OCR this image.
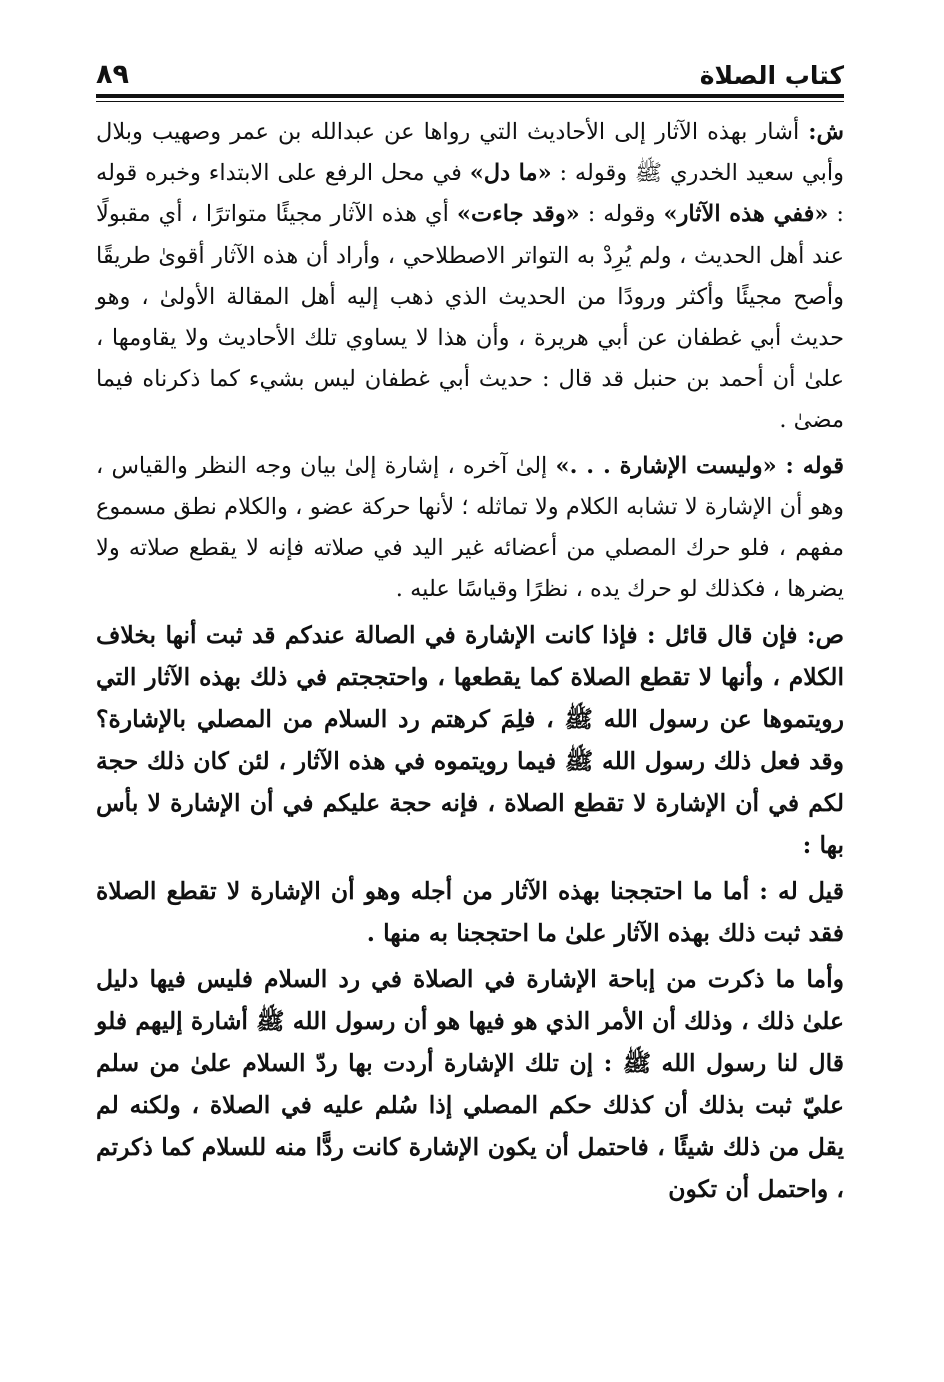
كتاب الصلاة
٨٩

ش: أشار بهذه الآثار إلى الأحاديث التي رواها عن عبدالله بن عمر وصهيب وبلال وأبي سعيد الخدري ﷺ وقوله : «ما دل» في محل الرفع على الابتداء وخبره قوله : «ففي هذه الآثار» وقوله : «وقد جاءت» أي هذه الآثار مجيئًا متواترًا ، أي مقبولًا عند أهل الحديث ، ولم يُرِدْ به التواتر الاصطلاحي ، وأراد أن هذه الآثار أقوىٰ طريقًا وأصح مجيئًا وأكثر ورودًا من الحديث الذي ذهب إليه أهل المقالة الأولىٰ ، وهو حديث أبي غطفان عن أبي هريرة ، وأن هذا لا يساوي تلك الأحاديث ولا يقاومها ، علىٰ أن أحمد بن حنبل قد قال : حديث أبي غطفان ليس بشيء كما ذكرناه فيما مضىٰ .

قوله : «وليست الإشارة . . .» إلىٰ آخره ، إشارة إلىٰ بيان وجه النظر والقياس ، وهو أن الإشارة لا تشابه الكلام ولا تماثله ؛ لأنها حركة عضو ، والكلام نطق مسموع مفهم ، فلو حرك المصلي من أعضائه غير اليد في صلاته فإنه لا يقطع صلاته ولا يضرها ، فكذلك لو حرك يده ، نظرًا وقياسًا عليه .

ص: فإن قال قائل : فإذا كانت الإشارة في الصالة عندكم قد ثبت أنها بخلاف الكلام ، وأنها لا تقطع الصلاة كما يقطعها ، واحتججتم في ذلك بهذه الآثار التي رويتموها عن رسول الله ﷺ ، فلِمَ كرهتم رد السلام من المصلي بالإشارة؟ وقد فعل ذلك رسول الله ﷺ فيما رويتموه في هذه الآثار ، لئن كان ذلك حجة لكم في أن الإشارة لا تقطع الصلاة ، فإنه حجة عليكم في أن الإشارة لا بأس بها :

قيل له : أما ما احتججنا بهذه الآثار من أجله وهو أن الإشارة لا تقطع الصلاة فقد ثبت ذلك بهذه الآثار علىٰ ما احتججنا به منها .

وأما ما ذكرت من إباحة الإشارة في الصلاة في رد السلام فليس فيها دليل علىٰ ذلك ، وذلك أن الأمر الذي هو فيها هو أن رسول الله ﷺ أشارة إليهم فلو قال لنا رسول الله ﷺ : إن تلك الإشارة أردت بها ردّ السلام علىٰ من سلم عليّ ثبت بذلك أن كذلك حكم المصلي إذا سُلم عليه في الصلاة ، ولكنه لم يقل من ذلك شيئًا ، فاحتمل أن يكون الإشارة كانت ردًّا منه للسلام كما ذكرتم ، واحتمل أن تكون
